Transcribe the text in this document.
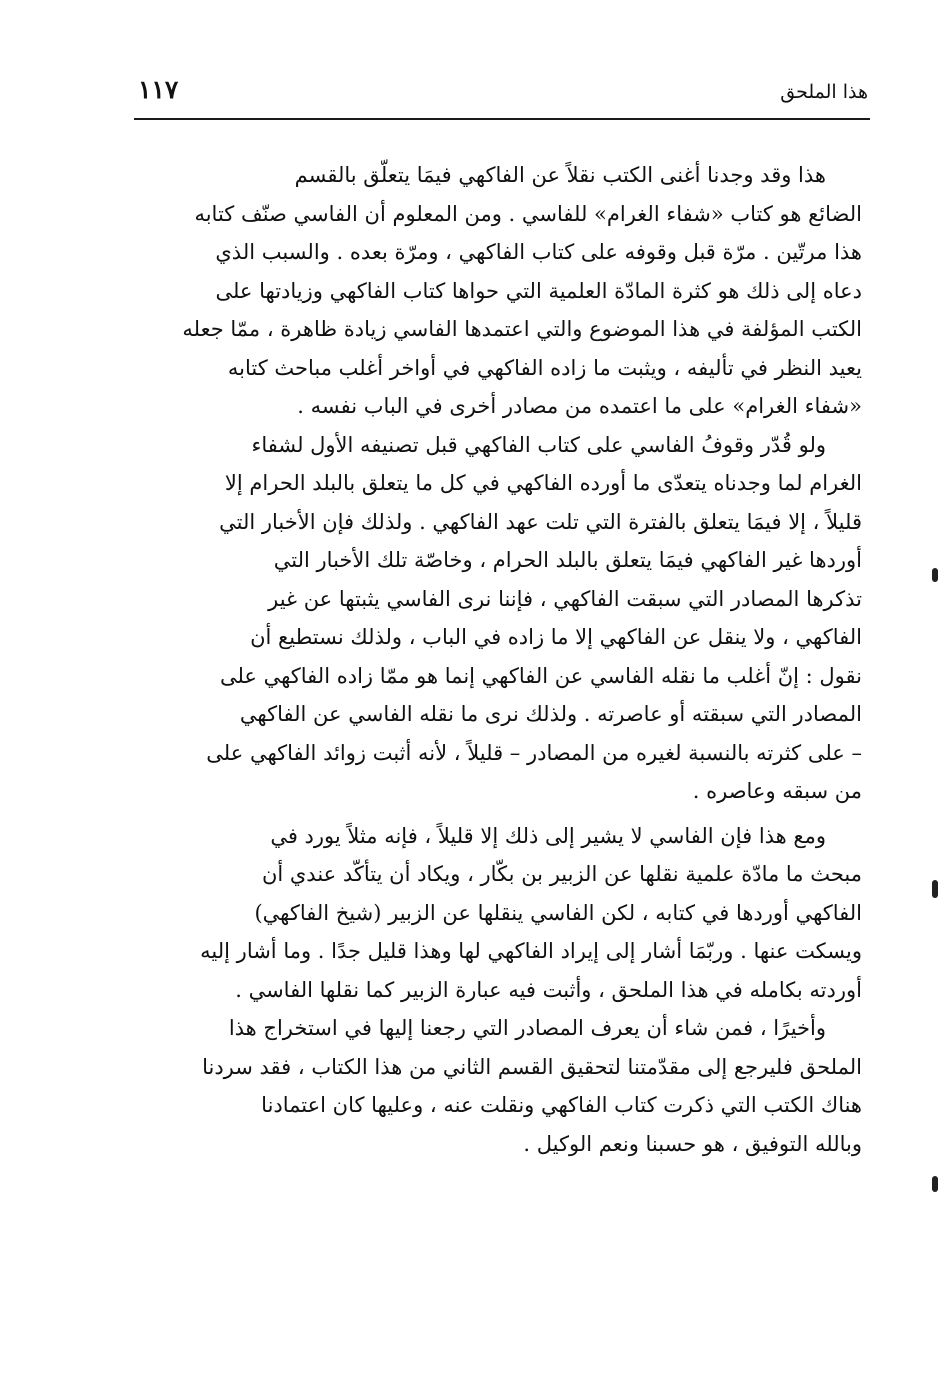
هذا الملحق
١١٧
هذا وقد وجدنا أغنى الكتب نقلاً عن الفاكهي فيمَا يتعلّق بالقسم
الضائع هو كتاب «شفاء الغرام» للفاسي . ومن المعلوم أن الفاسي صنّف كتابه
هذا مرتّين . مرّة قبل وقوفه على كتاب الفاكهي ، ومرّة بعده . والسبب الذي
دعاه إلى ذلك هو كثرة المادّة العلمية التي حواها كتاب الفاكهي وزيادتها على
الكتب المؤلفة في هذا الموضوع والتي اعتمدها الفاسي زيادة ظاهرة ، ممّا جعله
يعيد النظر في تأليفه ، ويثبت ما زاده الفاكهي في أواخر أغلب مباحث كتابه
«شفاء الغرام» على ما اعتمده من مصادر أخرى في الباب نفسه .
ولو قُدّر وقوفُ الفاسي على كتاب الفاكهي قبل تصنيفه الأول لشفاء
الغرام لما وجدناه يتعدّى ما أورده الفاكهي في كل ما يتعلق بالبلد الحرام إلا
قليلاً ، إلا فيمَا يتعلق بالفترة التي تلت عهد الفاكهي . ولذلك فإن الأخبار التي
أوردها غير الفاكهي فيمَا يتعلق بالبلد الحرام ، وخاصّة تلك الأخبار التي
تذكرها المصادر التي سبقت الفاكهي ، فإننا نرى الفاسي يثبتها عن غير
الفاكهي ، ولا ينقل عن الفاكهي إلا ما زاده في الباب ، ولذلك نستطيع أن
نقول : إنّ أغلب ما نقله الفاسي عن الفاكهي إنما هو ممّا زاده الفاكهي على
المصادر التي سبقته أو عاصرته . ولذلك نرى ما نقله الفاسي عن الفاكهي
– على كثرته بالنسبة لغيره من المصادر – قليلاً ، لأنه أثبت زوائد الفاكهي على
من سبقه وعاصره .
ومع هذا فإن الفاسي لا يشير إلى ذلك إلا قليلاً ، فإنه مثلاً يورد في
مبحث ما مادّة علمية نقلها عن الزبير بن بكّار ، ويكاد أن يتأكّد عندي أن
الفاكهي أوردها في كتابه ، لكن الفاسي ينقلها عن الزبير (شيخ الفاكهي)
ويسكت عنها . وربّمَا أشار إلى إيراد الفاكهي لها وهذا قليل جدًا . وما أشار إليه
أوردته بكامله في هذا الملحق ، وأثبت فيه عبارة الزبير كما نقلها الفاسي .
وأخيرًا ، فمن شاء أن يعرف المصادر التي رجعنا إليها في استخراج هذا
الملحق فليرجع إلى مقدّمتنا لتحقيق القسم الثاني من هذا الكتاب ، فقد سردنا
هناك الكتب التي ذكرت كتاب الفاكهي ونقلت عنه ، وعليها كان اعتمادنا
وبالله التوفيق ، هو حسبنا ونعم الوكيل .
